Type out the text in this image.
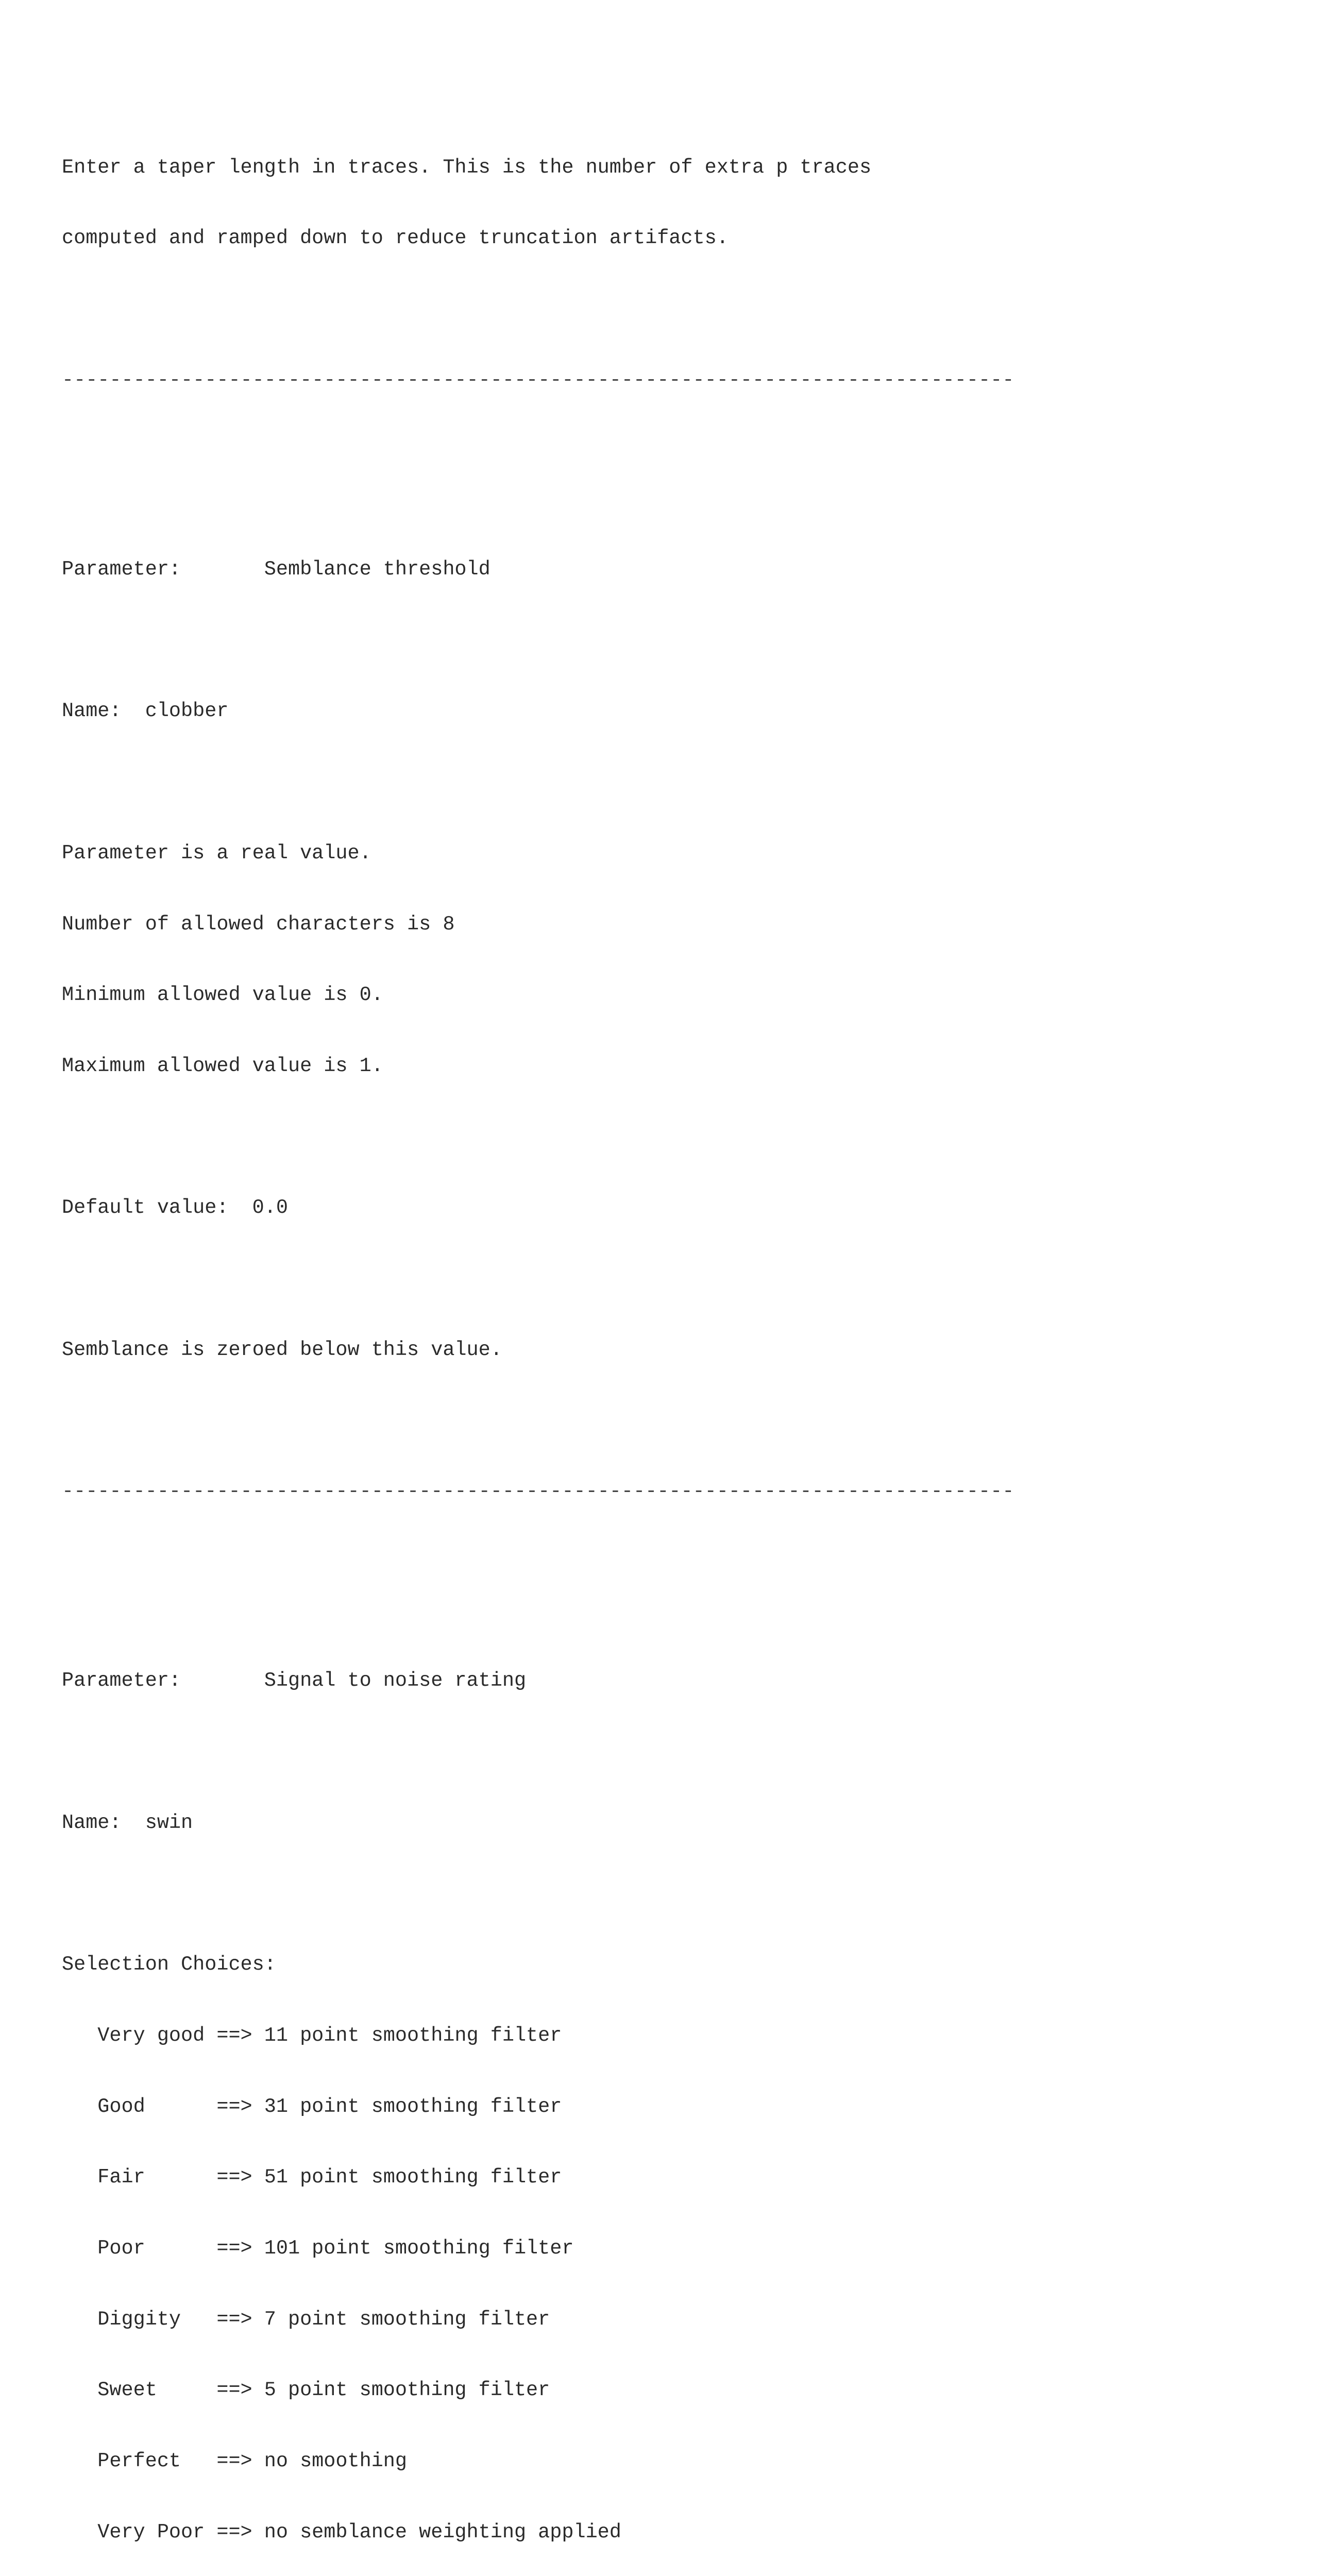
Enter a taper length in traces. This is the number of extra p traces

computed and ramped down to reduce truncation artifacts.

--------------------------------------------------------------------------------

Parameter:       Semblance threshold

Name:  clobber

Parameter is a real value.

Number of allowed characters is 8

Minimum allowed value is 0.

Maximum allowed value is 1.

Default value:  0.0

Semblance is zeroed below this value.

--------------------------------------------------------------------------------

Parameter:       Signal to noise rating

Name:  swin

Selection Choices:

Very good ==> 11 point smoothing filter

Good      ==> 31 point smoothing filter

Fair      ==> 51 point smoothing filter

Poor      ==> 101 point smoothing filter

Diggity   ==> 7 point smoothing filter

Sweet     ==> 5 point smoothing filter

Perfect   ==> no smoothing

Very Poor ==> no semblance weighting applied
